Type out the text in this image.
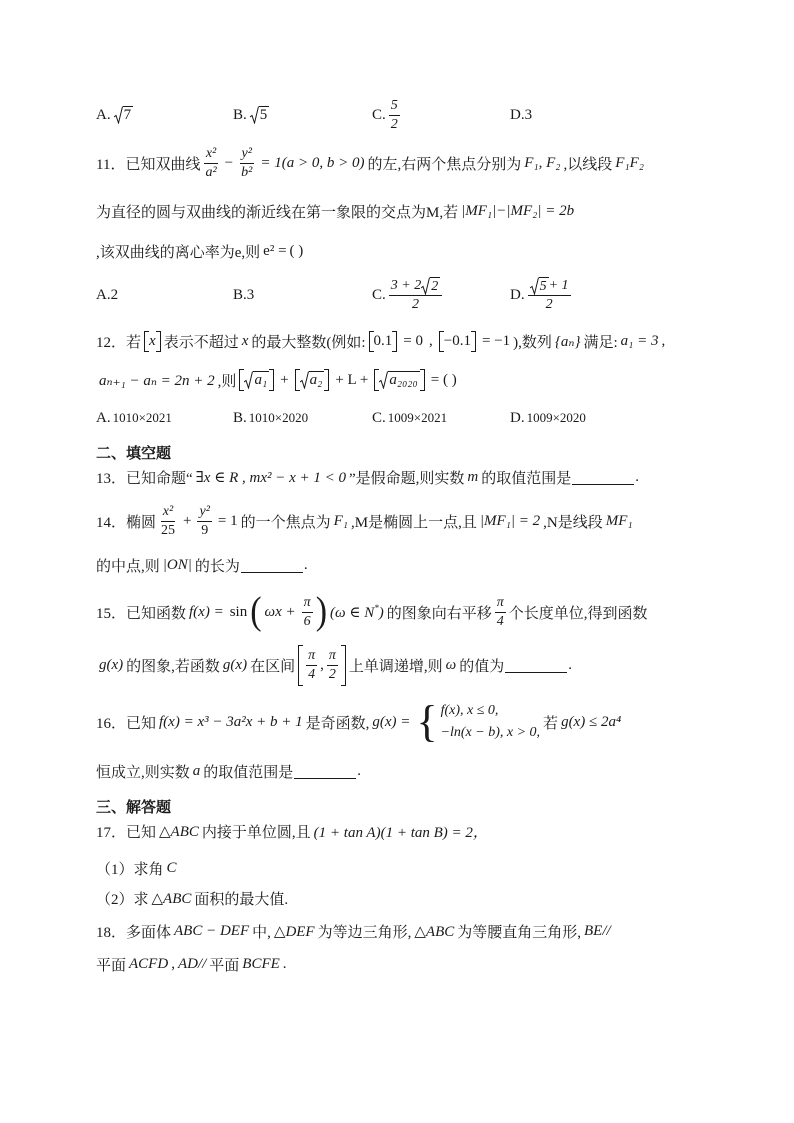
A. 7	B. 5	C. $\frac{5}{2}$	D.3
11．已知双曲线 $\frac{\text{x²}}{\text{a²}} - \frac{\text{y²}}{\text{b²}} = 1(a > 0$, b > 0) 的左,右两个焦点分别为 F₁, F₂ ,以线段 F₁F₂
为直径的圆与双曲线的渐近线在第一象限的交点为M,若 |MF₁|−|MF₂| = 2b
,该双曲线的离心率为e,则 e² = ( )
A.2	B.3	C. $\frac{3 + 2 2}{2}$	D. $\frac{5 + 1}{2}$
12．若 x 表示不超过 x 的最大整数(例如: 0.1 = 0 , −0.1 = −1 ),数列 {aₙ} 满足: a₁ = 3 ,
aₙ₊₁ − aₙ = 2n + 2 ,则 a₁ + a₂ + L + a₂₀₂₀ = ( )
A. 1010×2021	B. 1010×2020	C. 1009×2021	D. 1009×2020
二、填空题
13．已知命题“ ∃x ∈ R , mx² − x + 1 < 0 ”是假命题,则实数 m 的取值范围是	.
14．椭圆 $\frac{\text{x²}}{25} + \frac{\text{y²}}{9} = 1$ 的一个焦点为 F₁ ,M是椭圆上一点,且 |MF₁| = 2 ,N是线段 MF₁
的中点,则 |ON| 的长为	.
15．已知函数 f(x) = sin ( $\omega x + \frac{\pi}{6}$ ) (ω ∈ N*) 的图象向右平移 $\frac{\pi}{4}$ 个长度单位,得到函数
g(x) 的图象,若函数 g(x) 在区间 $\frac{\pi}{4}$ , $\frac{\pi}{2}$ 上单调递增,则 ω 的值为	.
16．已知 f(x) = x³ − 3a²x + b + 1 是奇函数, g(x) = { f(x), x ≤ 0,
−ln(x − b), x > 0,
若 g(x) ≤ 2a⁴
恒成立,则实数 a 的取值范围是	.
三、解答题
17．已知 △ABC 内接于单位圆,且 (1 + tan A)(1 + tan B) = 2，
（1）求角 C
（2）求 △ABC 面积的最大值.
18．多面体 ABC − DEF 中, △DEF 为等边三角形, △ABC 为等腰直角三角形, BE//
平面 ACFD , AD// 平面 BCFE .
